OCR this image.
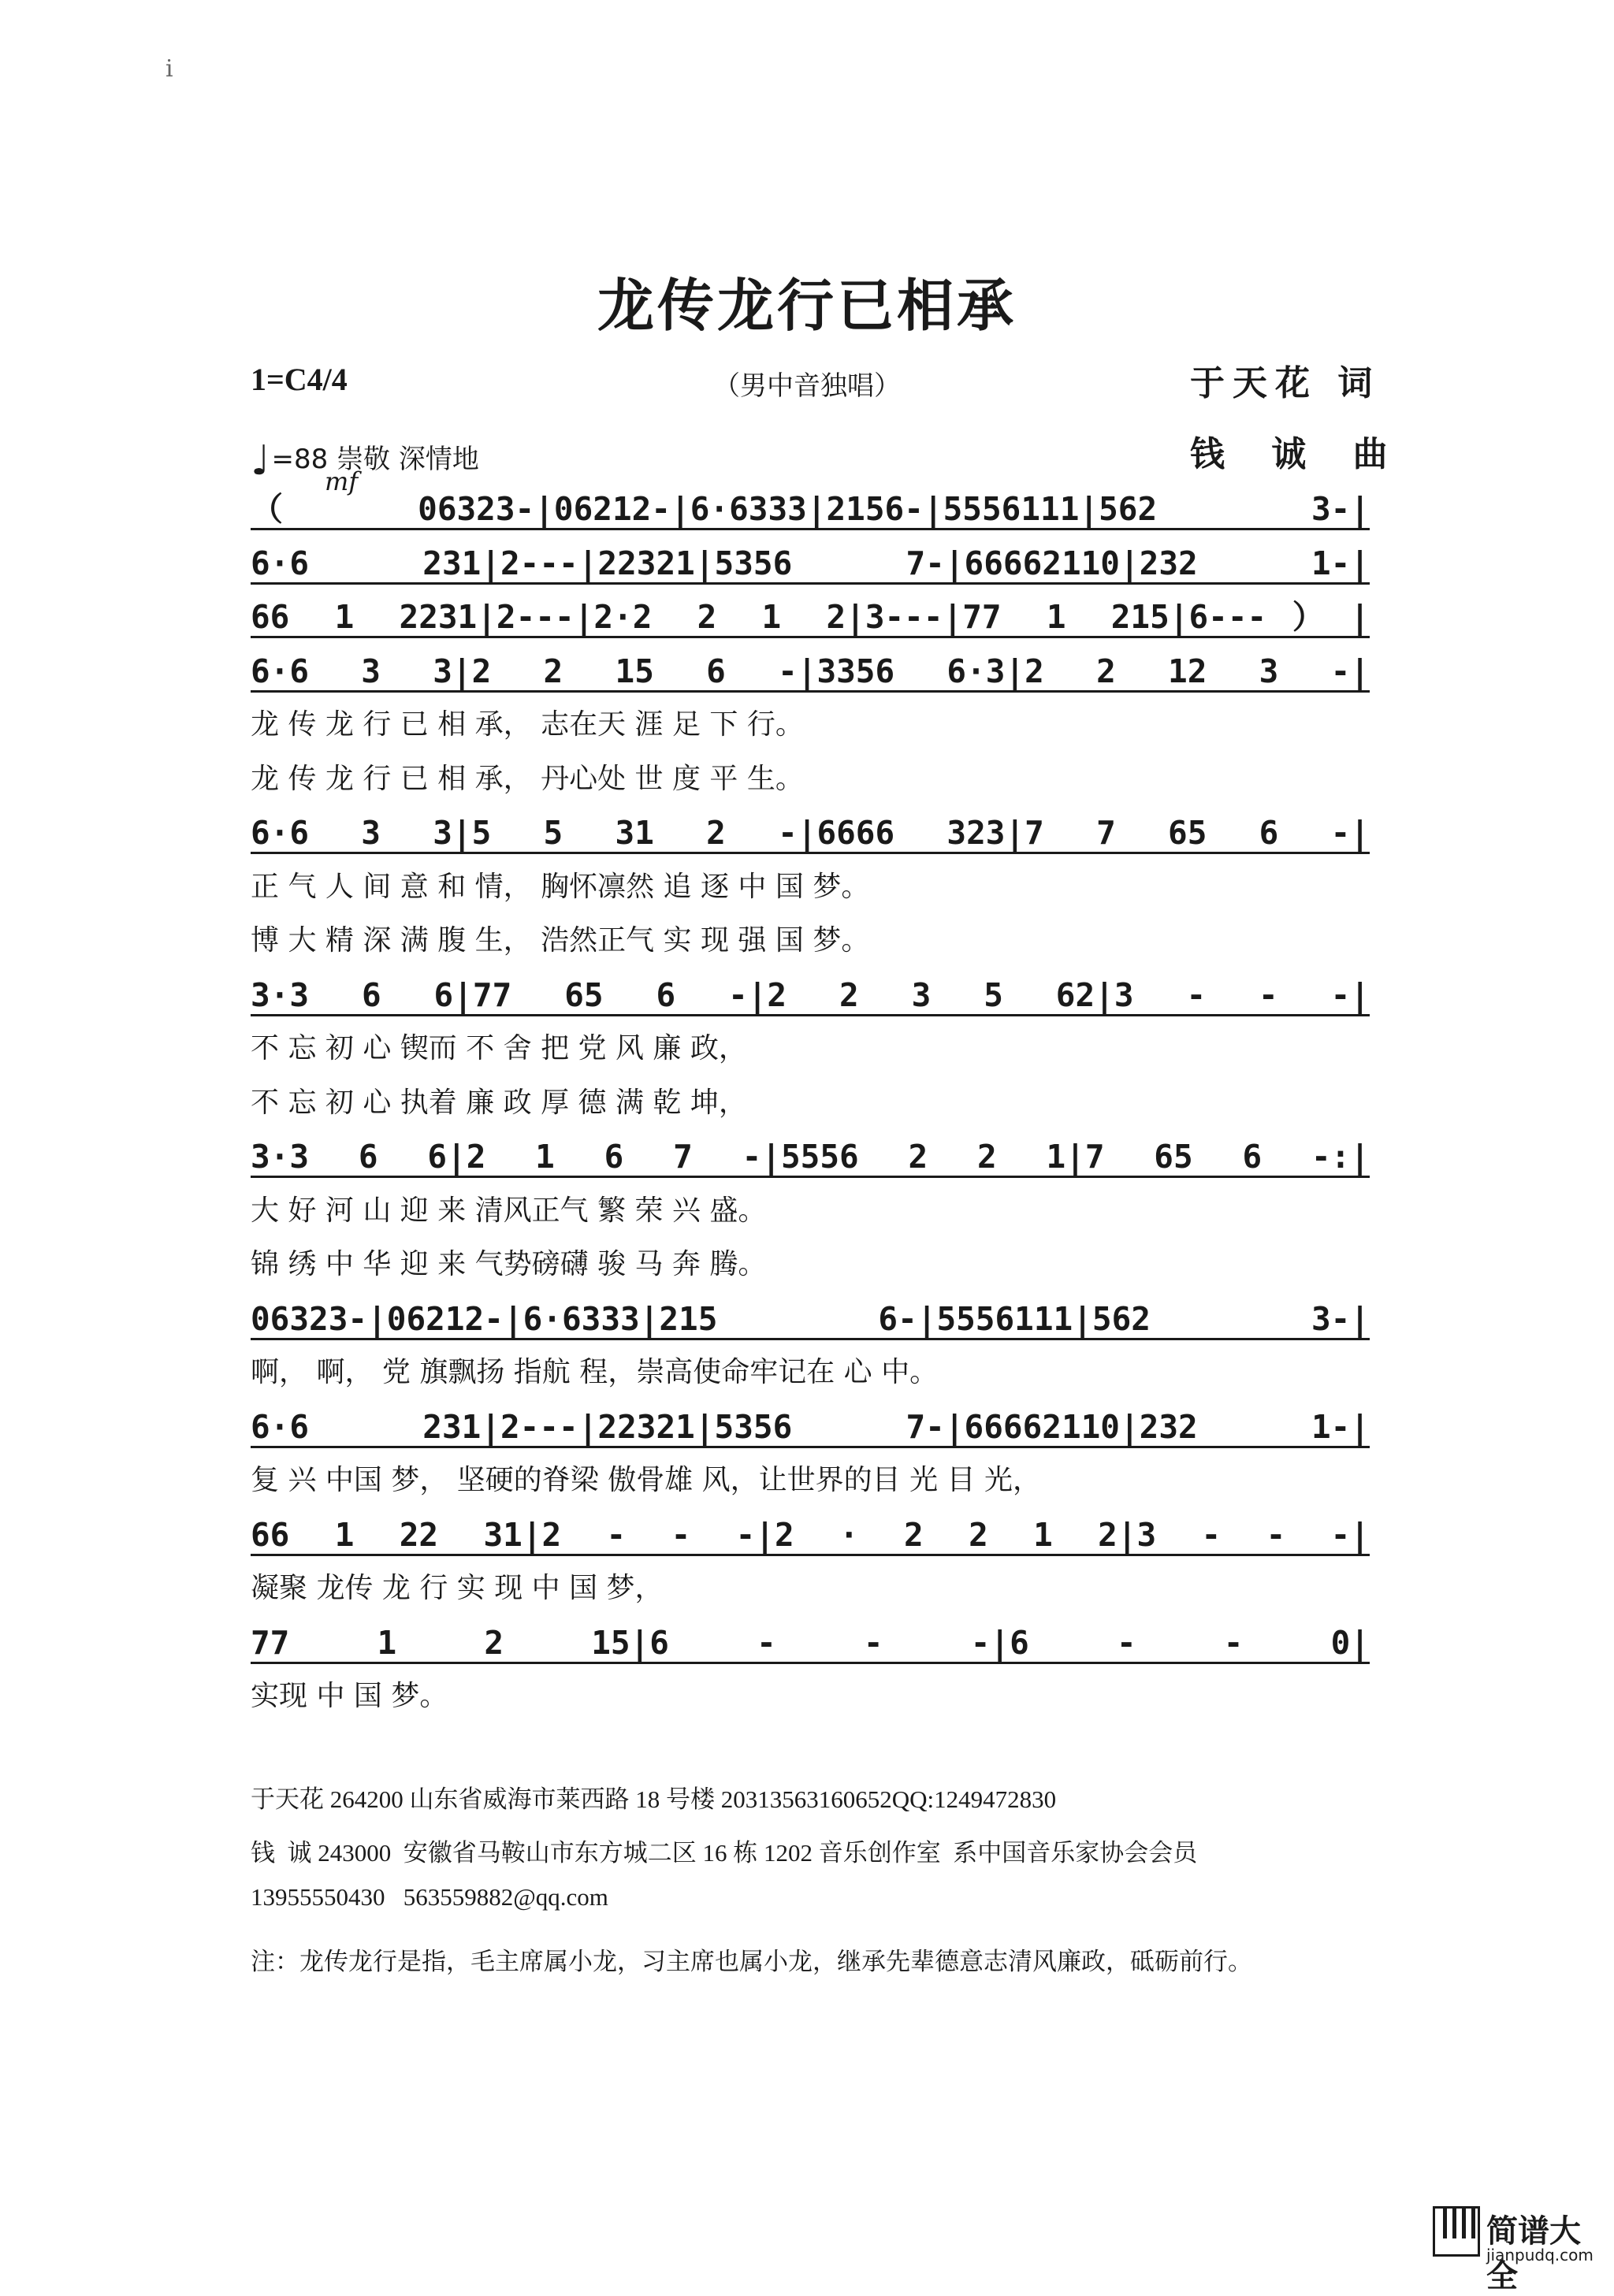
ⅰ
龙传龙行已相承
1=C4/4	（男中音独唱）	于天花 词
钱 诚 曲
♩=88 崇敬 深情地
mf
（06323-|06212-|6·6333|2156-|5556111|562 3-|
6·6 231|2---|22321|5356 7-|66662110|232 1-|
66 1 2231|2---|2·2 2 1 2|3---|77 1 215|6---）|
6·6 3 3|2 2 15 6 -|3356 6·3|2 2 12 3 -|
龙 传 龙 行 已 相 承， 志在天 涯 足 下 行。
龙 传 龙 行 已 相 承， 丹心处 世 度 平 生。
6·6 3 3|5 5 31 2 -|6666 323|7 7 65 6 -|
正 气 人 间 意 和 情， 胸怀凛然 追 逐 中 国 梦。
博 大 精 深 满 腹 生， 浩然正气 实 现 强 国 梦。
3·3 6 6|77 65 6 -|2 2 3 5 62|3 - - -|
不 忘 初 心 锲而 不 舍 把 党 风 廉 政，
不 忘 初 心 执着 廉 政 厚 德 满 乾 坤，
3·3 6 6|2 1 6 7 -|5556 2 2 1|7 65 6 -:|
大 好 河 山 迎 来 清风正气 繁 荣 兴 盛。
锦 绣 中 华 迎 来 气势磅礴 骏 马 奔 腾。
06323-|06212-|6·6333|215 6-|5556111|562 3-|
啊， 啊， 党 旗飘扬 指航 程，崇高使命牢记在 心 中。
6·6 231|2---|22321|5356 7-|66662110|232 1-|
复 兴 中国 梦， 坚硬的脊梁 傲骨雄 风，让世界的目 光 目 光，
66 1 22 31|2 - - -|2 · 2 2 1 2|3 - - -|
凝聚 龙传 龙 行 实 现 中 国 梦，
77 1 2 15|6 - - -|6 - - 0|
实现 中 国 梦。
于天花 264200 山东省威海市莱西路 18 号楼 20313563160652QQ:1249472830
钱  诚 243000  安徽省马鞍山市东方城二区 16 栋 1202 音乐创作室  系中国音乐家协会会员
13955550430   563559882@qq.com
注：龙传龙行是指，毛主席属小龙，习主席也属小龙，继承先辈德意志清风廉政，砥砺前行。
简谱大全
jianpudq.com
